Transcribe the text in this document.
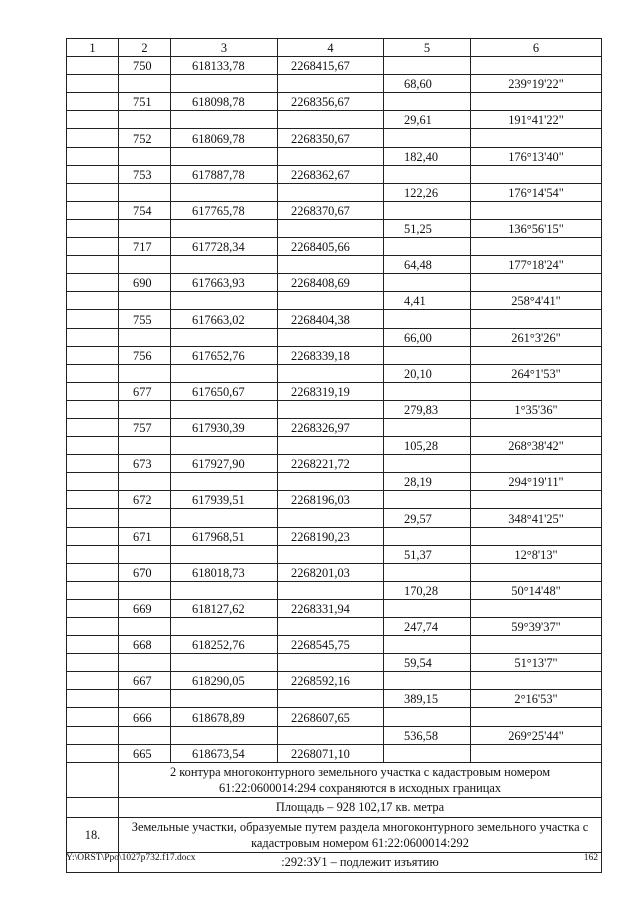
1	2	3	4	5	6
	750	618133,78	2268415,67		
				68,60	239°19'22"
	751	618098,78	2268356,67		
				29,61	191°41'22"
	752	618069,78	2268350,67		
				182,40	176°13'40"
	753	617887,78	2268362,67		
				122,26	176°14'54"
	754	617765,78	2268370,67		
				51,25	136°56'15"
	717	617728,34	2268405,66		
				64,48	177°18'24"
	690	617663,93	2268408,69		
				4,41	258°4'41"
	755	617663,02	2268404,38		
				66,00	261°3'26"
	756	617652,76	2268339,18		
				20,10	264°1'53"
	677	617650,67	2268319,19		
				279,83	1°35'36"
	757	617930,39	2268326,97		
				105,28	268°38'42"
	673	617927,90	2268221,72		
				28,19	294°19'11"
	672	617939,51	2268196,03		
				29,57	348°41'25"
	671	617968,51	2268190,23		
				51,37	12°8'13"
	670	618018,73	2268201,03		
				170,28	50°14'48"
	669	618127,62	2268331,94		
				247,74	59°39'37"
	668	618252,76	2268545,75		
				59,54	51°13'7"
	667	618290,05	2268592,16		
				389,15	2°16'53"
	666	618678,89	2268607,65		
				536,58	269°25'44"
	665	618673,54	2268071,10		
	2 контура многоконтурного земельного участка с кадастровым номером 61:22:0600014:294 сохраняются в исходных границах				
	Площадь – 928 102,17 кв. метра				
18.	Земельные участки, образуемые путем раздела многоконтурного земельного участка с кадастровым номером 61:22:0600014:292				
	:292:ЗУ1 – подлежит изъятию				
Y:\ORST\Ppo\1027p732.f17.docx	162
